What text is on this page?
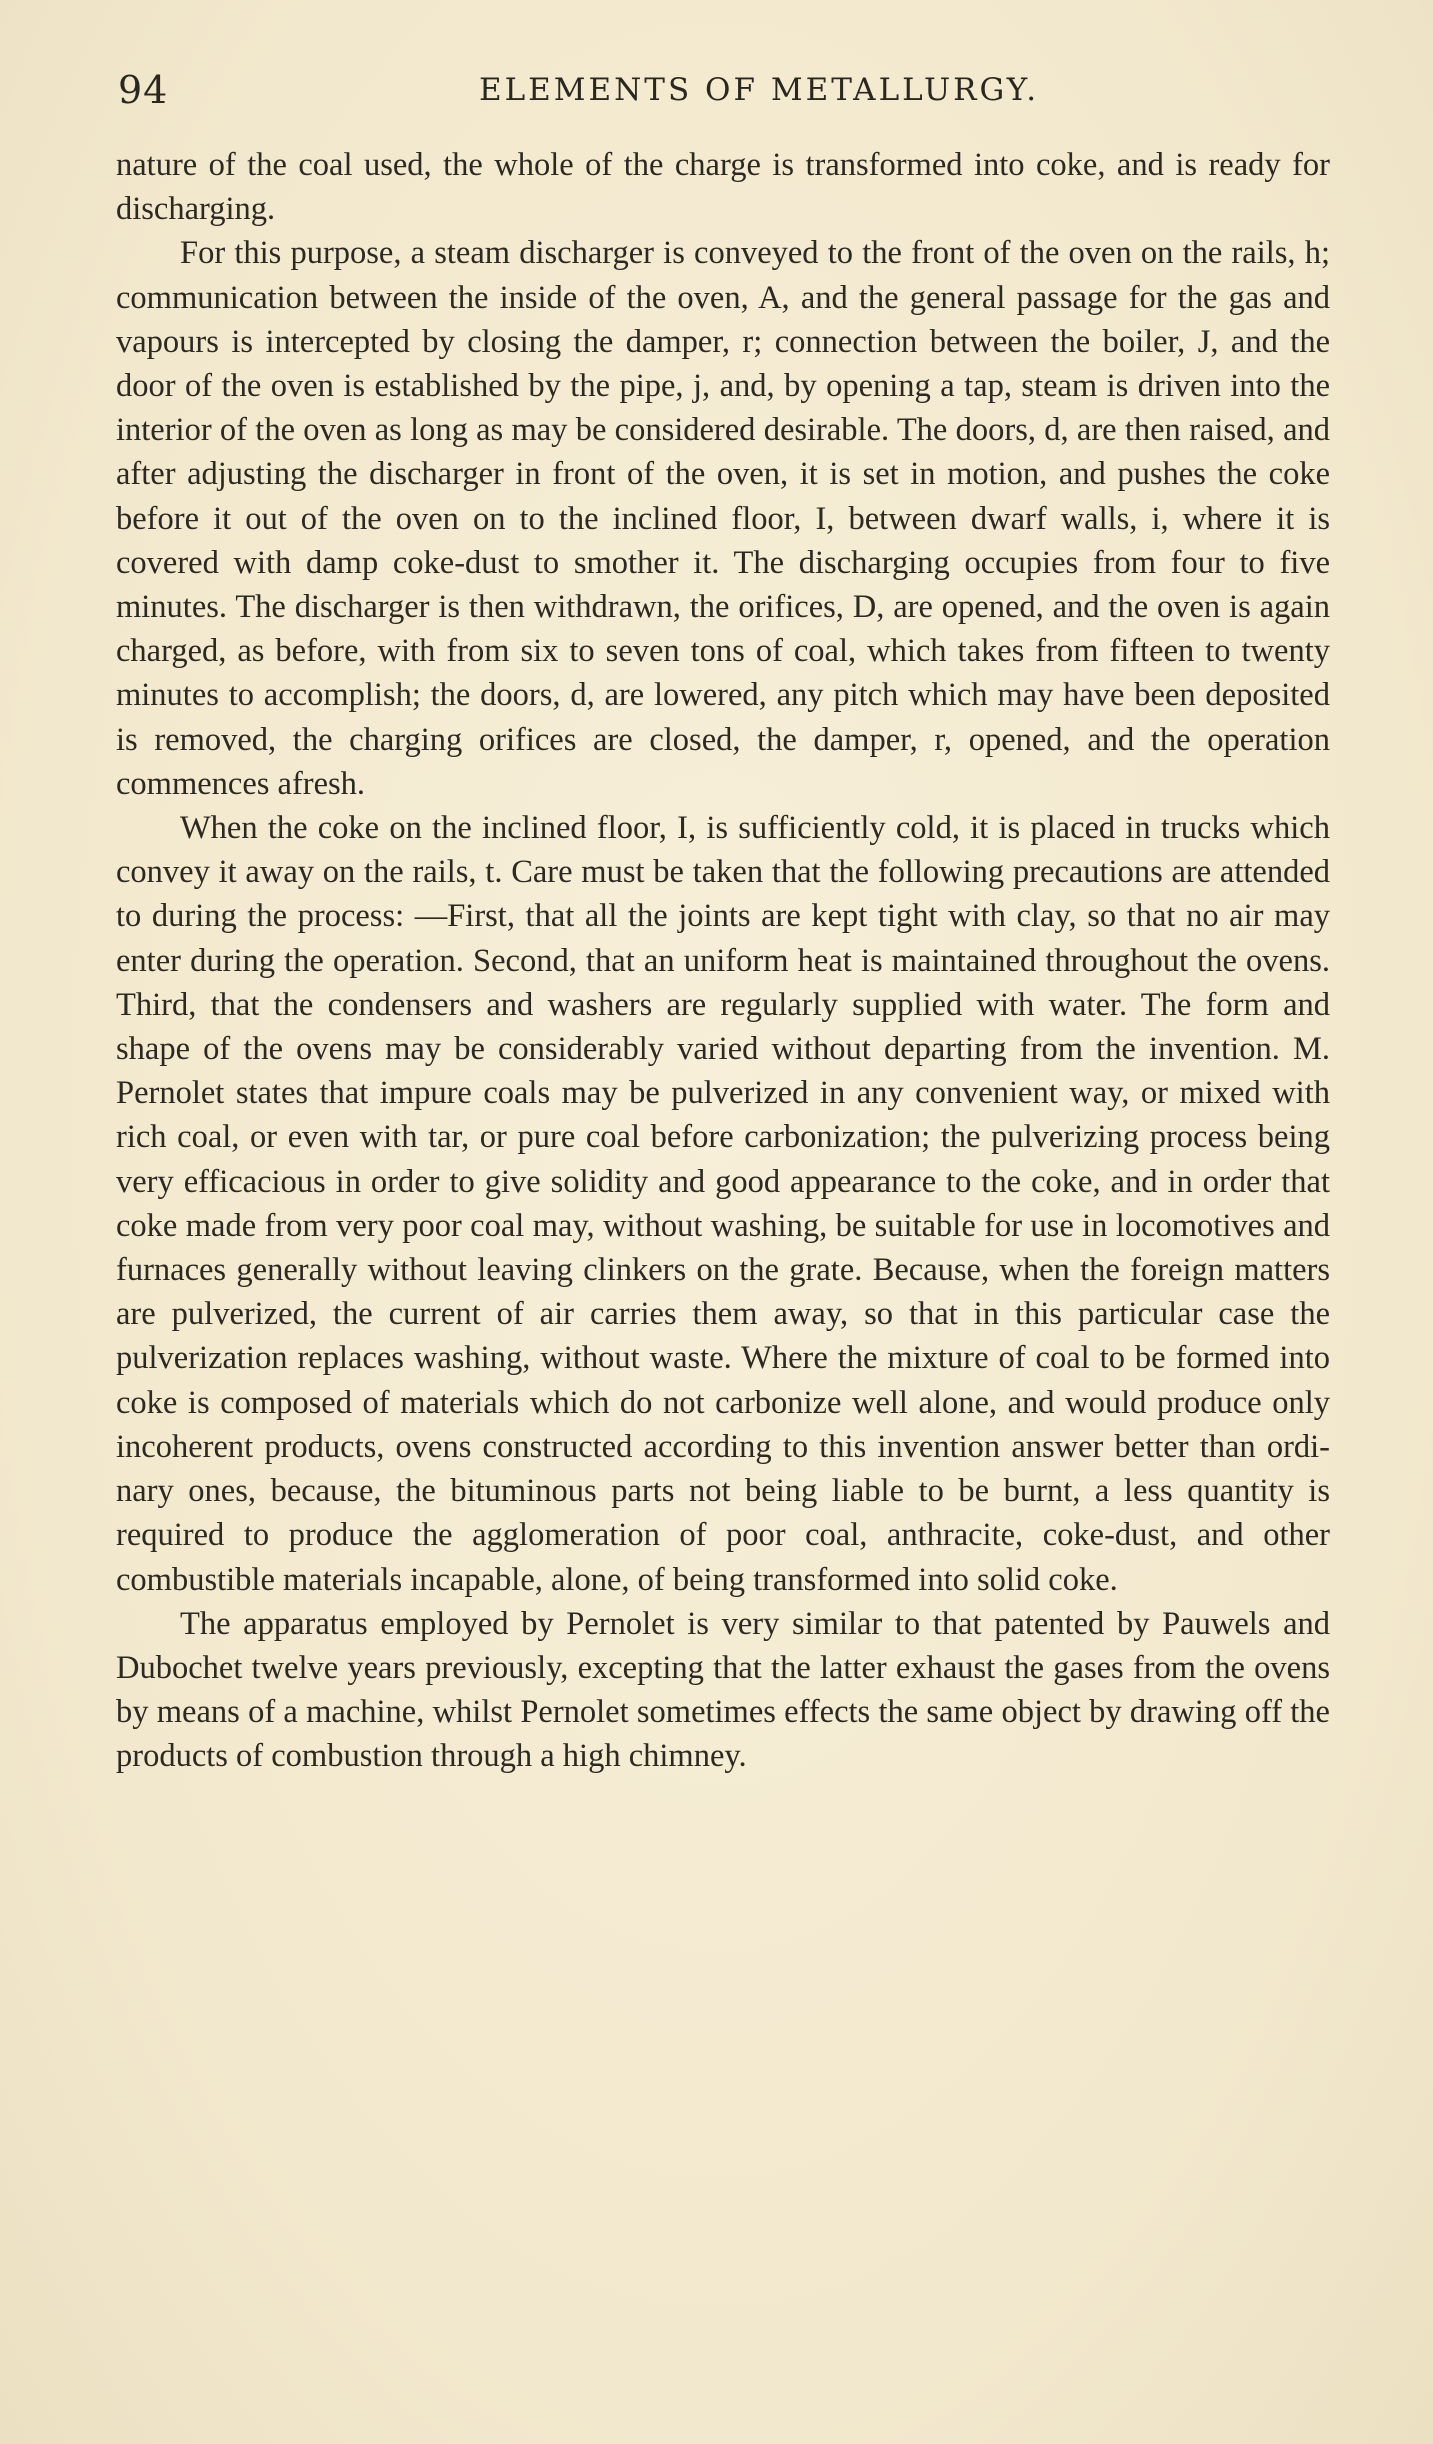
94	ELEMENTS OF METALLURGY.

nature of the coal used, the whole of the charge is transformed into coke, and is ready for discharging.

For this purpose, a steam discharger is conveyed to the front of the oven on the rails, h; communication between the inside of the oven, A, and the general passage for the gas and vapours is intercepted by closing the damper, r; connection between the boiler, J, and the door of the oven is established by the pipe, j, and, by opening a tap, steam is driven into the interior of the oven as long as may be considered desirable. The doors, d, are then raised, and after adjusting the discharger in front of the oven, it is set in motion, and pushes the coke before it out of the oven on to the inclined floor, I, between dwarf walls, i, where it is covered with damp coke-dust to smother it. The discharging occupies from four to five minutes. The discharger is then withdrawn, the orifices, D, are opened, and the oven is again charged, as before, with from six to seven tons of coal, which takes from fifteen to twenty minutes to accomplish; the doors, d, are lowered, any pitch which may have been deposited is removed, the charging orifices are closed, the damper, r, opened, and the operation commences afresh.

When the coke on the inclined floor, I, is sufficiently cold, it is placed in trucks which convey it away on the rails, t. Care must be taken that the following precautions are attended to during the process: —First, that all the joints are kept tight with clay, so that no air may enter during the operation. Second, that an uniform heat is maintained throughout the ovens. Third, that the condensers and washers are regularly supplied with water. The form and shape of the ovens may be considerably varied without departing from the invention. M. Pernolet states that impure coals may be pulverized in any convenient way, or mixed with rich coal, or even with tar, or pure coal before carbonization; the pulverizing process being very efficacious in order to give solidity and good appearance to the coke, and in order that coke made from very poor coal may, without washing, be suitable for use in locomotives and furnaces generally without leaving clinkers on the grate. Because, when the foreign matters are pulverized, the current of air carries them away, so that in this particular case the pulverization replaces washing, without waste. Where the mixture of coal to be formed into coke is composed of materials which do not carbonize well alone, and would produce only incoherent products, ovens constructed according to this invention answer better than ordinary ones, because, the bituminous parts not being liable to be burnt, a less quantity is required to produce the agglomeration of poor coal, anthracite, coke-dust, and other combustible materials incapable, alone, of being transformed into solid coke.

The apparatus employed by Pernolet is very similar to that patented by Pauwels and Dubochet twelve years previously, excepting that the latter exhaust the gases from the ovens by means of a machine, whilst Pernolet sometimes effects the same object by drawing off the products of combustion through a high chimney.
